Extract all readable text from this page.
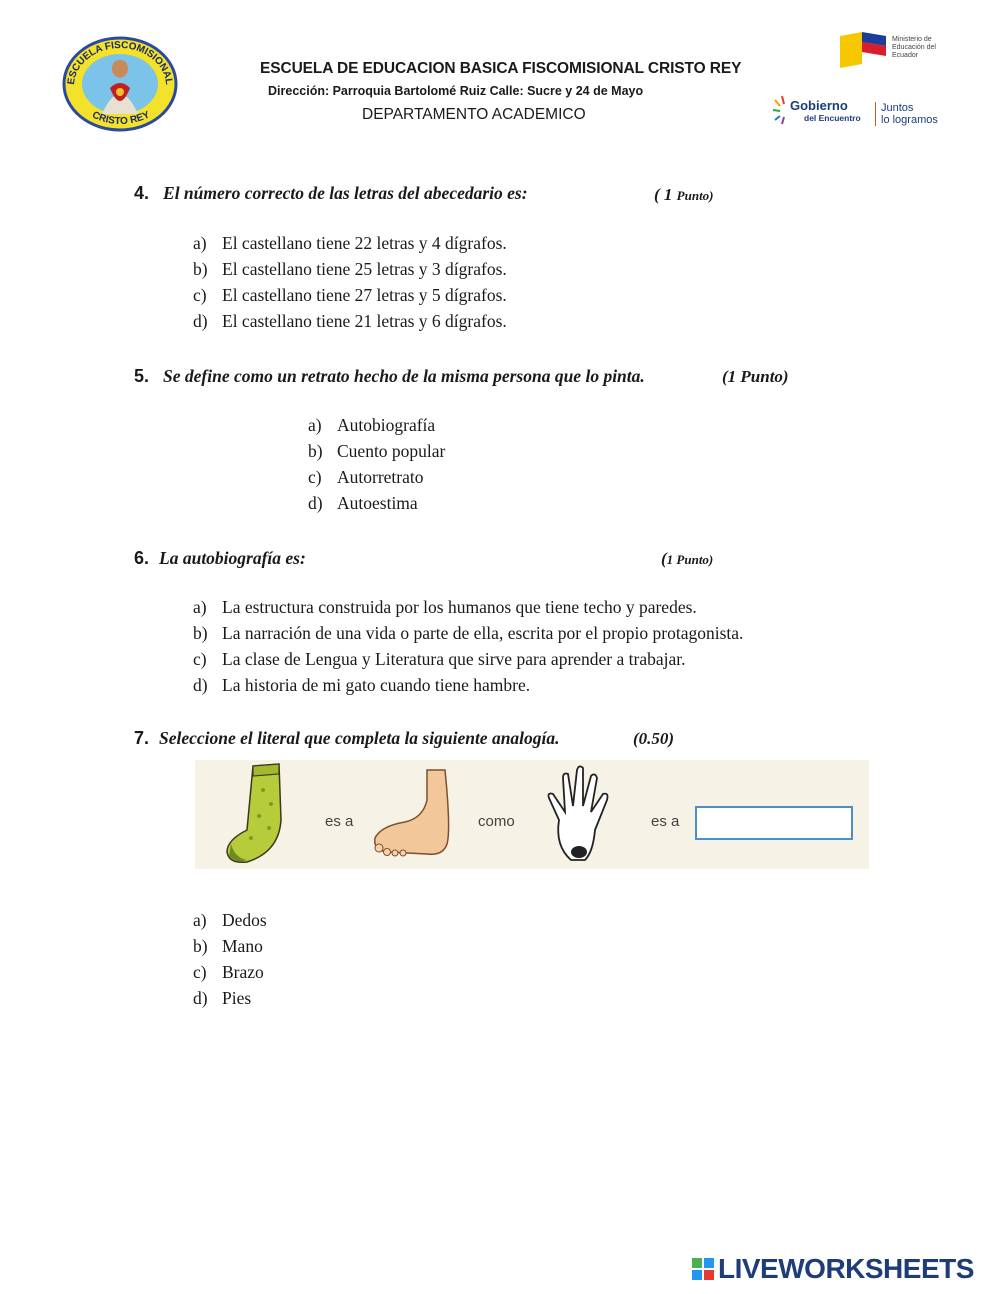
ESCUELA FISCOMISIONAL
CRISTO REY
ESCUELA DE EDUCACION BASICA FISCOMISIONAL CRISTO REY
Dirección: Parroquia Bartolomé Ruiz Calle: Sucre y 24 de Mayo
DEPARTAMENTO ACADEMICO
Ministerio de Educación del Ecuador
Gobierno
del Encuentro
Juntos
lo logramos
4. El número correcto de las letras del abecedario es:	( 1 Punto)
a) El castellano tiene 22 letras y 4 dígrafos.
b) El castellano tiene 25 letras y 3 dígrafos.
c) El castellano tiene 27 letras y 5 dígrafos.
d) El castellano tiene 21 letras y 6 dígrafos.
5. Se define como un retrato hecho de la misma persona que lo pinta.	(1 Punto)
a) Autobiografía
b) Cuento popular
c) Autorretrato
d) Autoestima
6. La autobiografía es:	(1 Punto)
a) La estructura construida por los humanos que tiene techo y paredes.
b) La narración de una vida o parte de ella, escrita por el propio protagonista.
c) La clase de Lengua y Literatura que sirve para aprender a trabajar.
d) La historia de mi gato cuando tiene hambre.
7. Seleccione el literal que completa la siguiente analogía.	(0.50)
es a	como	es a
a) Dedos
b) Mano
c) Brazo
d) Pies
LIVEWORKSHEETS
